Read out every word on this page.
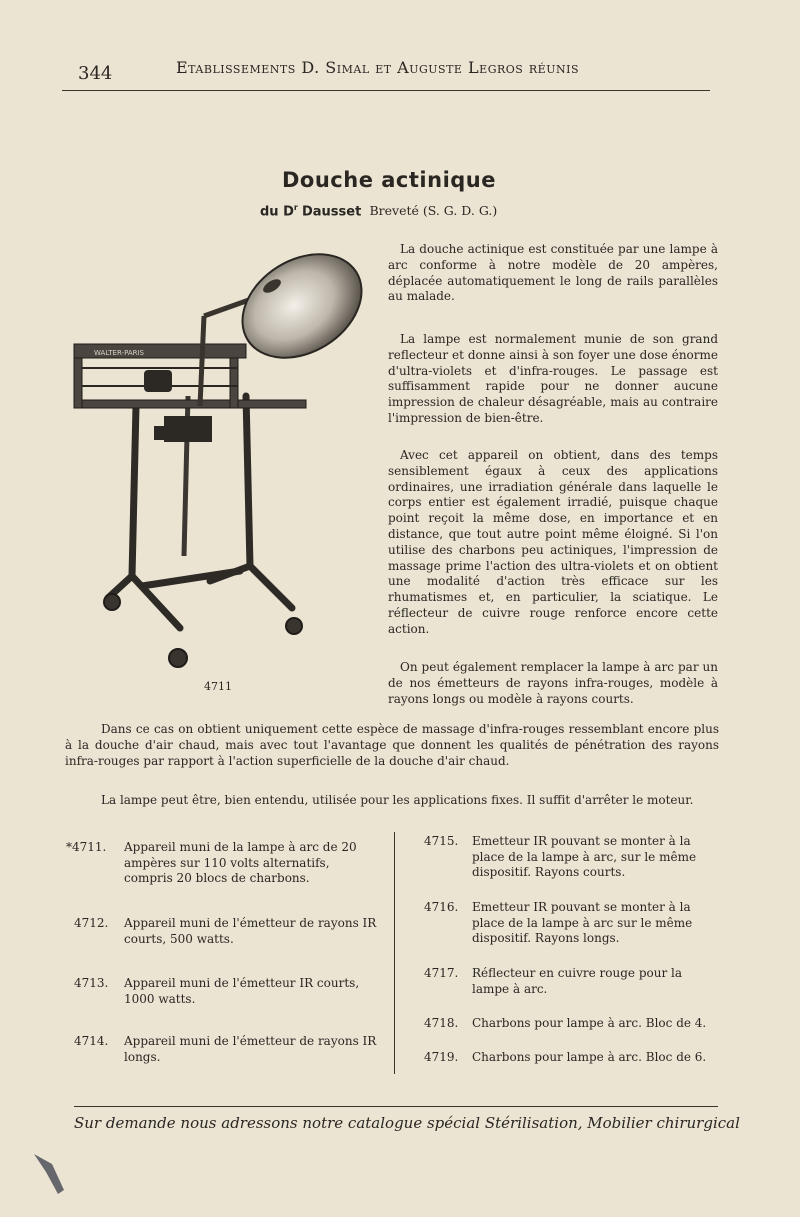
344	Etablissements D. Simal et Auguste Legros réunis
Douche actinique
du $D^r$ Dausset Breveté (S. G. D. G.)
WALTER-PARIS
4711

La douche actinique est constituée par une lampe à arc conforme à notre modèle de 20 ampères, déplacée automatiquement le long de rails parallèles au malade.

La lampe est normalement munie de son grand reflecteur et donne ainsi à son foyer une dose énorme d'ultra-violets et d'infra-rouges. Le passage est suffisamment rapide pour ne donner aucune impression de chaleur désagréable, mais au contraire l'impression de bien-être.

Avec cet appareil on obtient, dans des temps sensiblement égaux à ceux des applications ordinaires, une irradiation générale dans laquelle le corps entier est également irradié, puisque chaque point reçoit la même dose, en importance et en distance, que tout autre point même éloigné. Si l'on utilise des charbons peu actiniques, l'impression de massage prime l'action des ultra-violets et on obtient une modalité d'action très efficace sur les rhumatismes et, en particulier, la sciatique. Le réflecteur de cuivre rouge renforce encore cette action.

On peut également remplacer la lampe à arc par un de nos émetteurs de rayons infra-rouges, modèle à rayons longs ou modèle à rayons courts.

Dans ce cas on obtient uniquement cette espèce de massage d'infra-rouges ressemblant encore plus à la douche d'air chaud, mais avec tout l'avantage que donnent les qualités de pénétration des rayons infra-rouges par rapport à l'action superficielle de la douche d'air chaud.

La lampe peut être, bien entendu, utilisée pour les applications fixes. Il suffit d'arrêter le moteur.

*4711. Appareil muni de la lampe à arc de 20 ampères sur 110 volts alternatifs, compris 20 blocs de charbons.
4712. Appareil muni de l'émetteur de rayons IR courts, 500 watts.
4713. Appareil muni de l'émetteur IR courts, 1000 watts.
4714. Appareil muni de l'émetteur de rayons IR longs.
4715. Emetteur IR pouvant se monter à la place de la lampe à arc, sur le même dispositif. Rayons courts.
4716. Emetteur IR pouvant se monter à la place de la lampe à arc sur le même dispositif. Rayons longs.
4717. Réflecteur en cuivre rouge pour la lampe à arc.
4718. Charbons pour lampe à arc. Bloc de 4.
4719. Charbons pour lampe à arc. Bloc de 6.
Sur demande nous adressons notre catalogue spécial Stérilisation, Mobilier chirurgical
